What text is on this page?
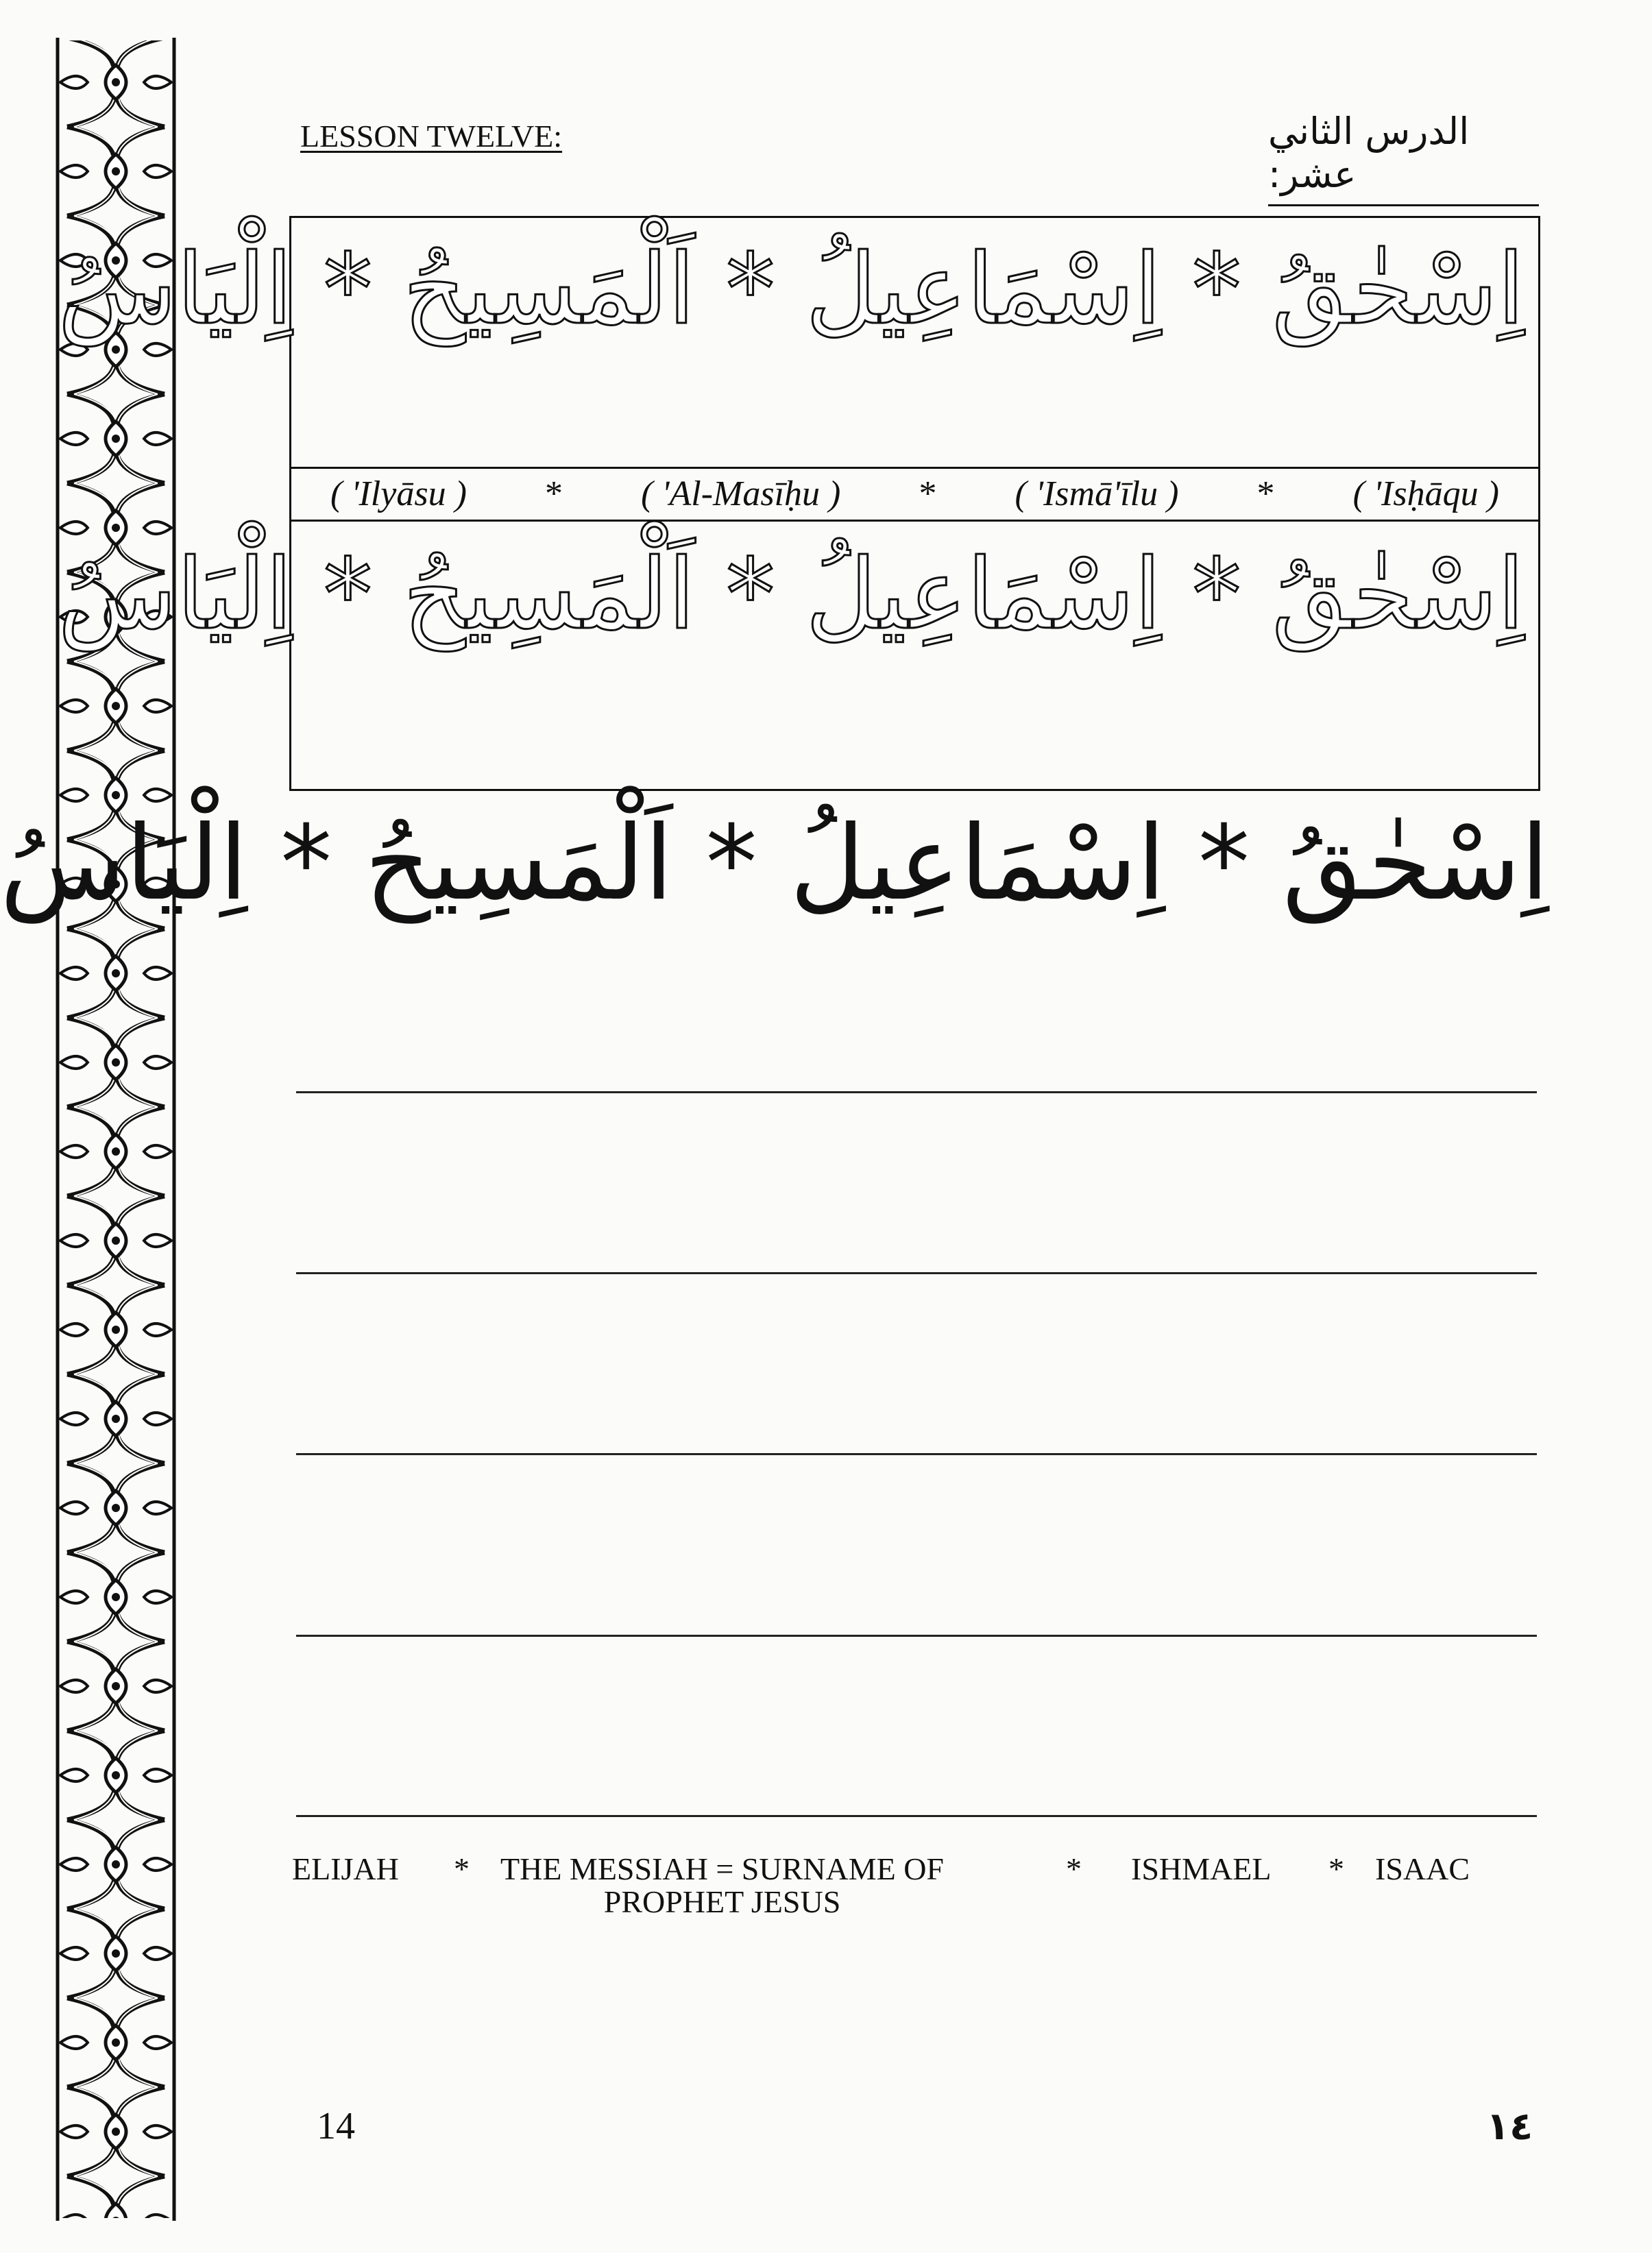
LESSON TWELVE:	الدرس الثاني عشر:
اِسْحٰقُ * اِسْمَاعِيلُ * اَلْمَسِيحُ * اِلْيَاسُ
( 'Ilyāsu ) * ( 'Al-Masīḥu ) * ( 'Ismā'īlu ) * ( 'Isḥāqu )
اِسْحٰقُ * اِسْمَاعِيلُ * اَلْمَسِيحُ * اِلْيَاسُ
اِسْحٰقُ * اِسْمَاعِيلُ * اَلْمَسِيحُ * اِلْيَاسُ
ELIJAH * THE MESSIAH = SURNAME OF
PROPHET JESUS
* ISHMAEL * ISAAC
14	١٤
